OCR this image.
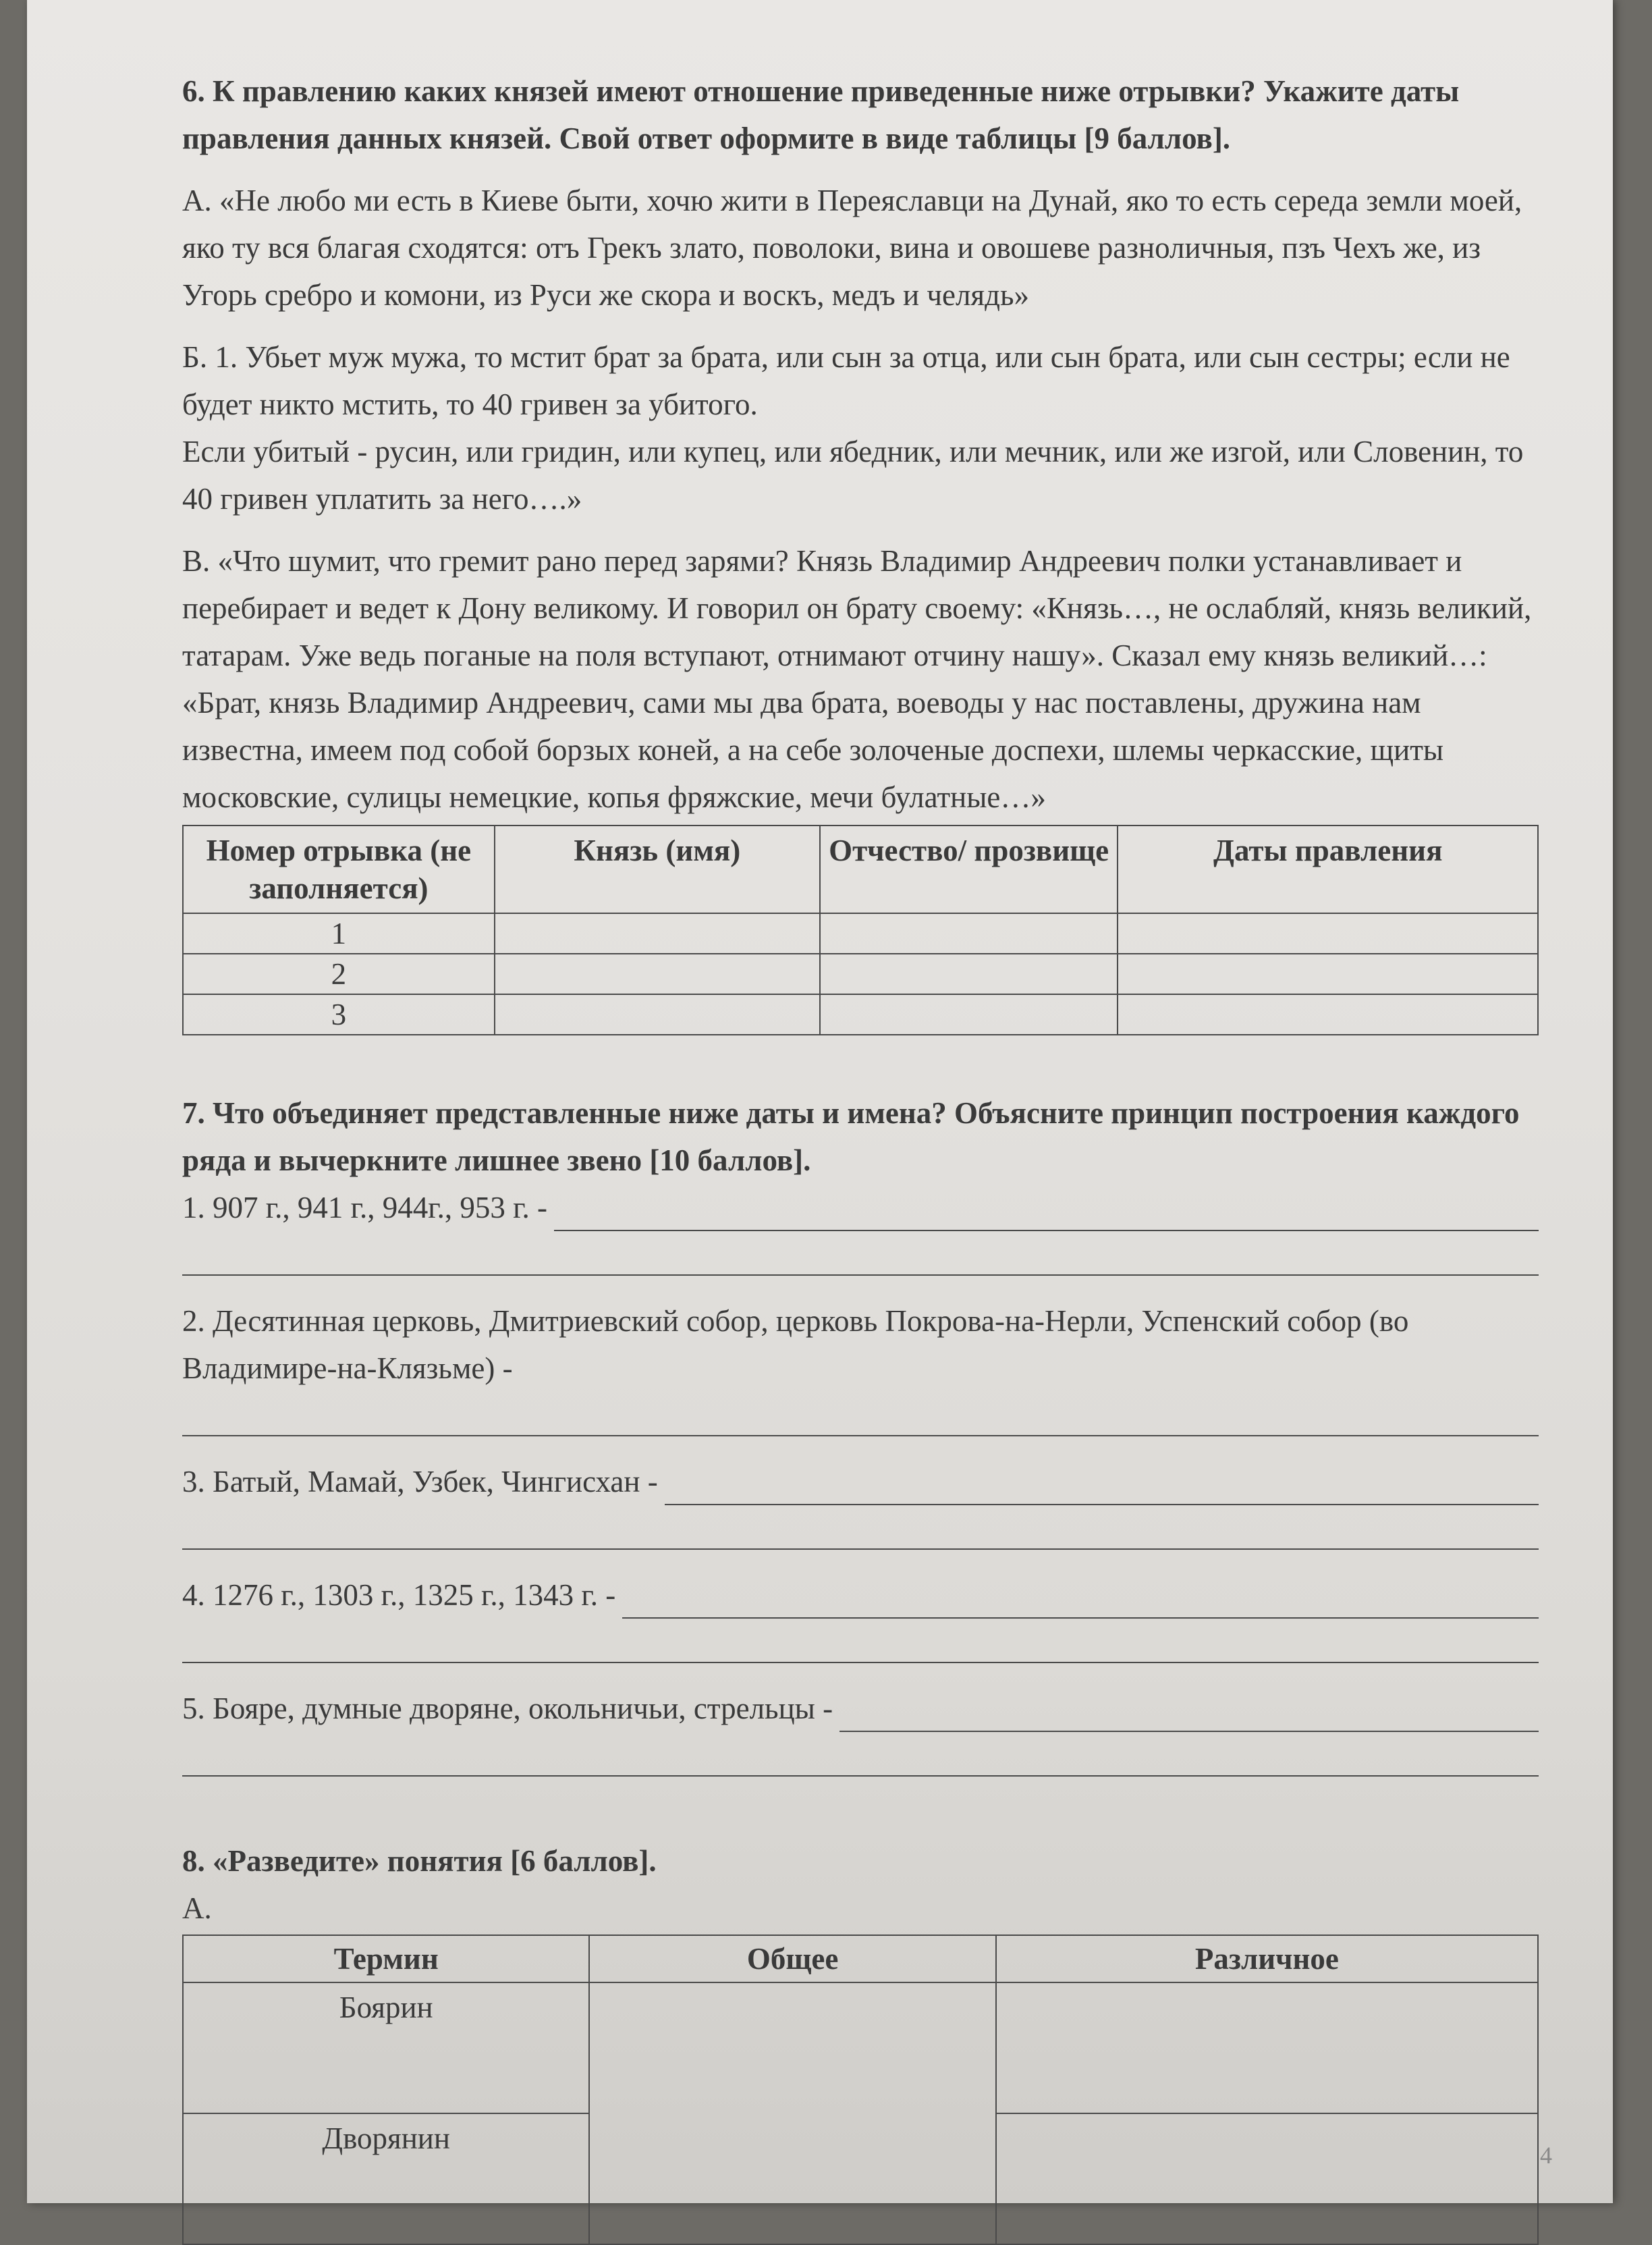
6. К правлению каких князей имеют отношение приведенные ниже отрывки? Укажите даты правления данных князей. Свой ответ оформите в виде таблицы [9 баллов].

А. «Не любо ми есть в Киеве быти, хочю жити в Переяславци на Дунай, яко то есть середа земли моей, яко ту вся благая сходятся: отъ Грекъ злато, поволоки, вина и овошеве разноличныя, пзъ Чехъ же, из Угорь сребро и комони, из Руси же скора и воскъ, медъ и челядь»

Б. 1. Убьет муж мужа, то мстит брат за брата, или сын за отца, или сын брата, или сын сестры; если не будет никто мстить, то 40 гривен за убитого.

Если убитый - русин, или гридин, или купец, или ябедник, или мечник, или же изгой, или Словенин, то 40 гривен уплатить за него….»

В. «Что шумит, что гремит рано перед зарями? Князь Владимир Андреевич полки устанавливает и перебирает и ведет к Дону великому. И говорил он брату своему: «Князь…, не ослабляй, князь великий, татарам. Уже ведь поганые на поля вступают, отнимают отчину нашу». Сказал ему князь великий…: «Брат, князь Владимир Андреевич, сами мы два брата, воеводы у нас поставлены, дружина нам известна, имеем под собой борзых коней, а на себе золоченые доспехи, шлемы черкасские, щиты московские, сулицы немецкие, копья фряжские, мечи булатные…»

Номер отрывка (не заполняется)	Князь (имя)	Отчество/ прозвище	Даты правления
1			
2			
3			

7. Что объединяет представленные ниже даты и имена? Объясните принцип построения каждого ряда и вычеркните лишнее звено [10 баллов].

1. 907 г., 941 г., 944г., 953 г. -

2. Десятинная церковь, Дмитриевский собор, церковь Покрова-на-Нерли, Успенский собор (во Владимире-на-Клязьме) -

3. Батый, Мамай, Узбек, Чингисхан -
4. 1276 г., 1303 г., 1325 г., 1343 г. -
5. Бояре, думные дворяне, окольничьи, стрельцы -

8. «Разведите» понятия [6 баллов].

А.

Термин	Общее	Различное
Боярин		
Дворянин			4
